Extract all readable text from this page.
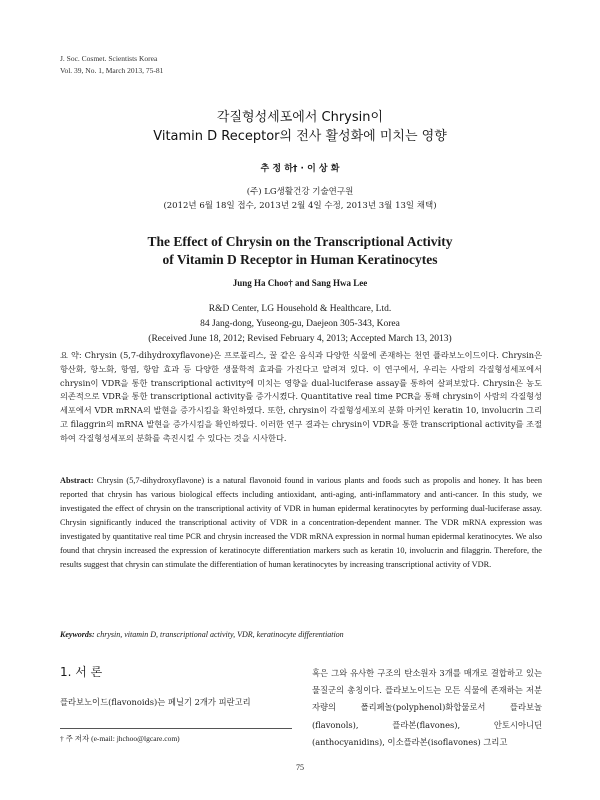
J. Soc. Cosmet. Scientists Korea
Vol. 39, No. 1, March 2013, 75-81
각질형성세포에서 Chrysin이
Vitamin D Receptor의 전사 활성화에 미치는 영향
추 정 하† · 이 상 화
(주) LG생활건강 기술연구원
(2012년 6월 18일 접수, 2013년 2월 4일 수정, 2013년 3월 13일 채택)
The Effect of Chrysin on the Transcriptional Activity
of Vitamin D Receptor in Human Keratinocytes
Jung Ha Choo† and Sang Hwa Lee
R&D Center, LG Household & Healthcare, Ltd.
84 Jang-dong, Yuseong-gu, Daejeon 305-343, Korea
(Received June 18, 2012; Revised February 4, 2013; Accepted March 13, 2013)
요 약: Chrysin (5,7-dihydroxyflavone)은 프로폴리스, 꿀 같은 음식과 다양한 식물에 존재하는 천연 플라보노이드이다. Chrysin은 항산화, 항노화, 항염, 항암 효과 등 다양한 생물학적 효과를 가진다고 알려져 있다. 이 연구에서, 우리는 사람의 각질형성세포에서 chrysin이 VDR을 통한 transcriptional activity에 미치는 영향을 dual-luciferase assay를 통하여 살펴보았다. Chrysin은 농도 의존적으로 VDR을 통한 transcriptional activity를 증가시켰다. Quantitative real time PCR을 통해 chrysin이 사람의 각질형성세포에서 VDR mRNA의 발현을 증가시킴을 확인하였다. 또한, chrysin이 각질형성세포의 분화 마커인 keratin 10, involucrin 그리고 filaggrin의 mRNA 발현을 증가시킴을 확인하였다. 이러한 연구 결과는 chrysin이 VDR을 통한 transcriptional activity를 조절하여 각질형성세포의 분화를 촉진시킬 수 있다는 것을 시사한다.
Abstract: Chrysin (5,7-dihydroxyflavone) is a natural flavonoid found in various plants and foods such as propolis and honey. It has been reported that chrysin has various biological effects including antioxidant, anti-aging, anti-inflammatory and anti-cancer. In this study, we investigated the effect of chrysin on the transcriptional activity of VDR in human epidermal keratinocytes by performing dual-luciferase assay. Chrysin significantly induced the transcriptional activity of VDR in a concentration-dependent manner. The VDR mRNA expression was investigated by quantitative real time PCR and chrysin increased the VDR mRNA expression in normal human epidermal keratinocytes. We also found that chrysin increased the expression of keratinocyte differentiation markers such as keratin 10, involucrin and filaggrin. Therefore, the results suggest that chrysin can stimulate the differentiation of human keratinocytes by increasing transcriptional activity of VDR.
Keywords: chrysin, vitamin D, transcriptional activity, VDR, keratinocyte differentiation
1. 서 론
플라보노이드(flavonoids)는 페닐기 2개가 피란고리
† 주 저자 (e-mail: jhchoo@lgcare.com)
혹은 그와 유사한 구조의 탄소원자 3개를 매개로 결합하고 있는 물질군의 총칭이다. 플라보노이드는 모든 식물에 존재하는 저분자량의 폴리페놀(polyphenol)화합물로서 플라보놀(flavonols), 플라본(flavones), 안토시아니딘(anthocyanidins), 이소플라본(isoflavones) 그리고
75
